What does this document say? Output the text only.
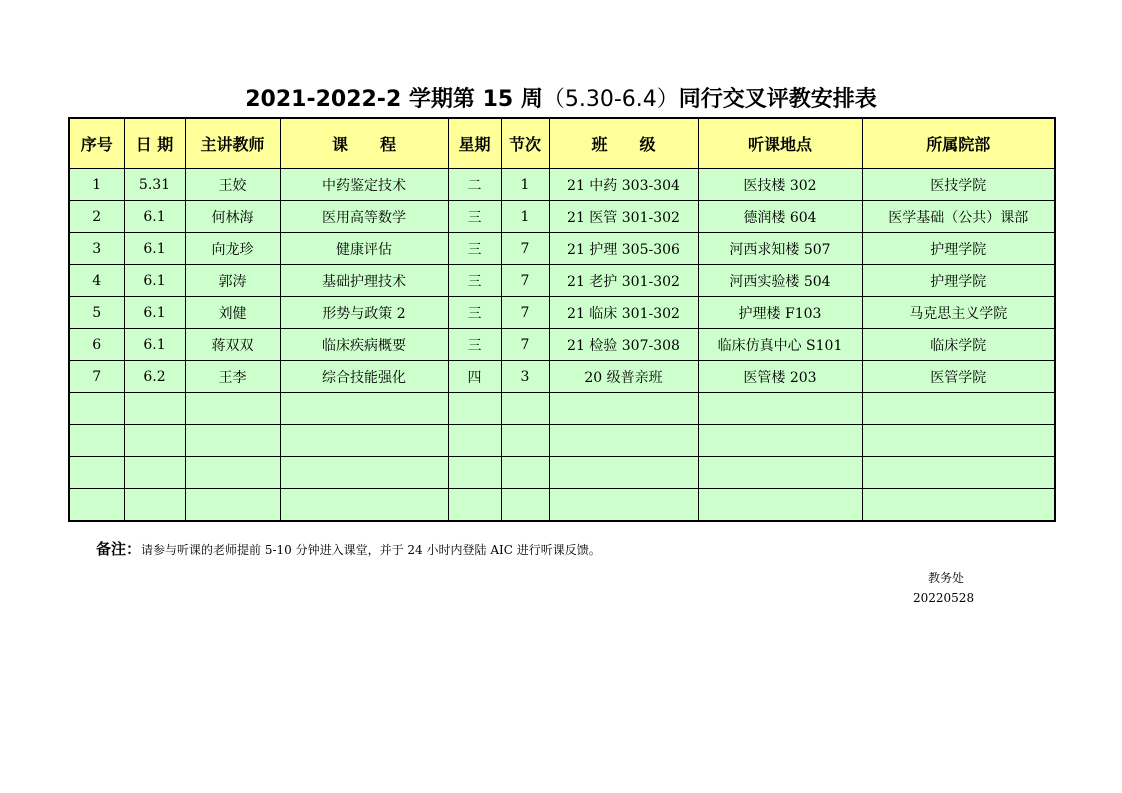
2021-2022-2 学期第 15 周（5.30-6.4）同行交叉评教安排表
序号	日 期	主讲教师	课　　程	星期	节次	班　　级	听课地点	所属院部
1	5.31	王姣	中药鉴定技术	二	1	21 中药 303-304	医技楼 302	医技学院
2	6.1	何林海	医用高等数学	三	1	21 医管 301-302	德润楼 604	医学基础（公共）课部
3	6.1	向龙珍	健康评估	三	7	21 护理 305-306	河西求知楼 507	护理学院
4	6.1	郭涛	基础护理技术	三	7	21 老护 301-302	河西实验楼 504	护理学院
5	6.1	刘健	形势与政策 2	三	7	21 临床 301-302	护理楼 F103	马克思主义学院
6	6.1	蒋双双	临床疾病概要	三	7	21 检验 307-308	临床仿真中心 S101	临床学院
7	6.2	王李	综合技能强化	四	3	20 级普亲班	医管楼 203	医管学院

备注：请参与听课的老师提前 5-10 分钟进入课堂，并于 24 小时内登陆 AIC 进行听课反馈。
教务处
20220528
